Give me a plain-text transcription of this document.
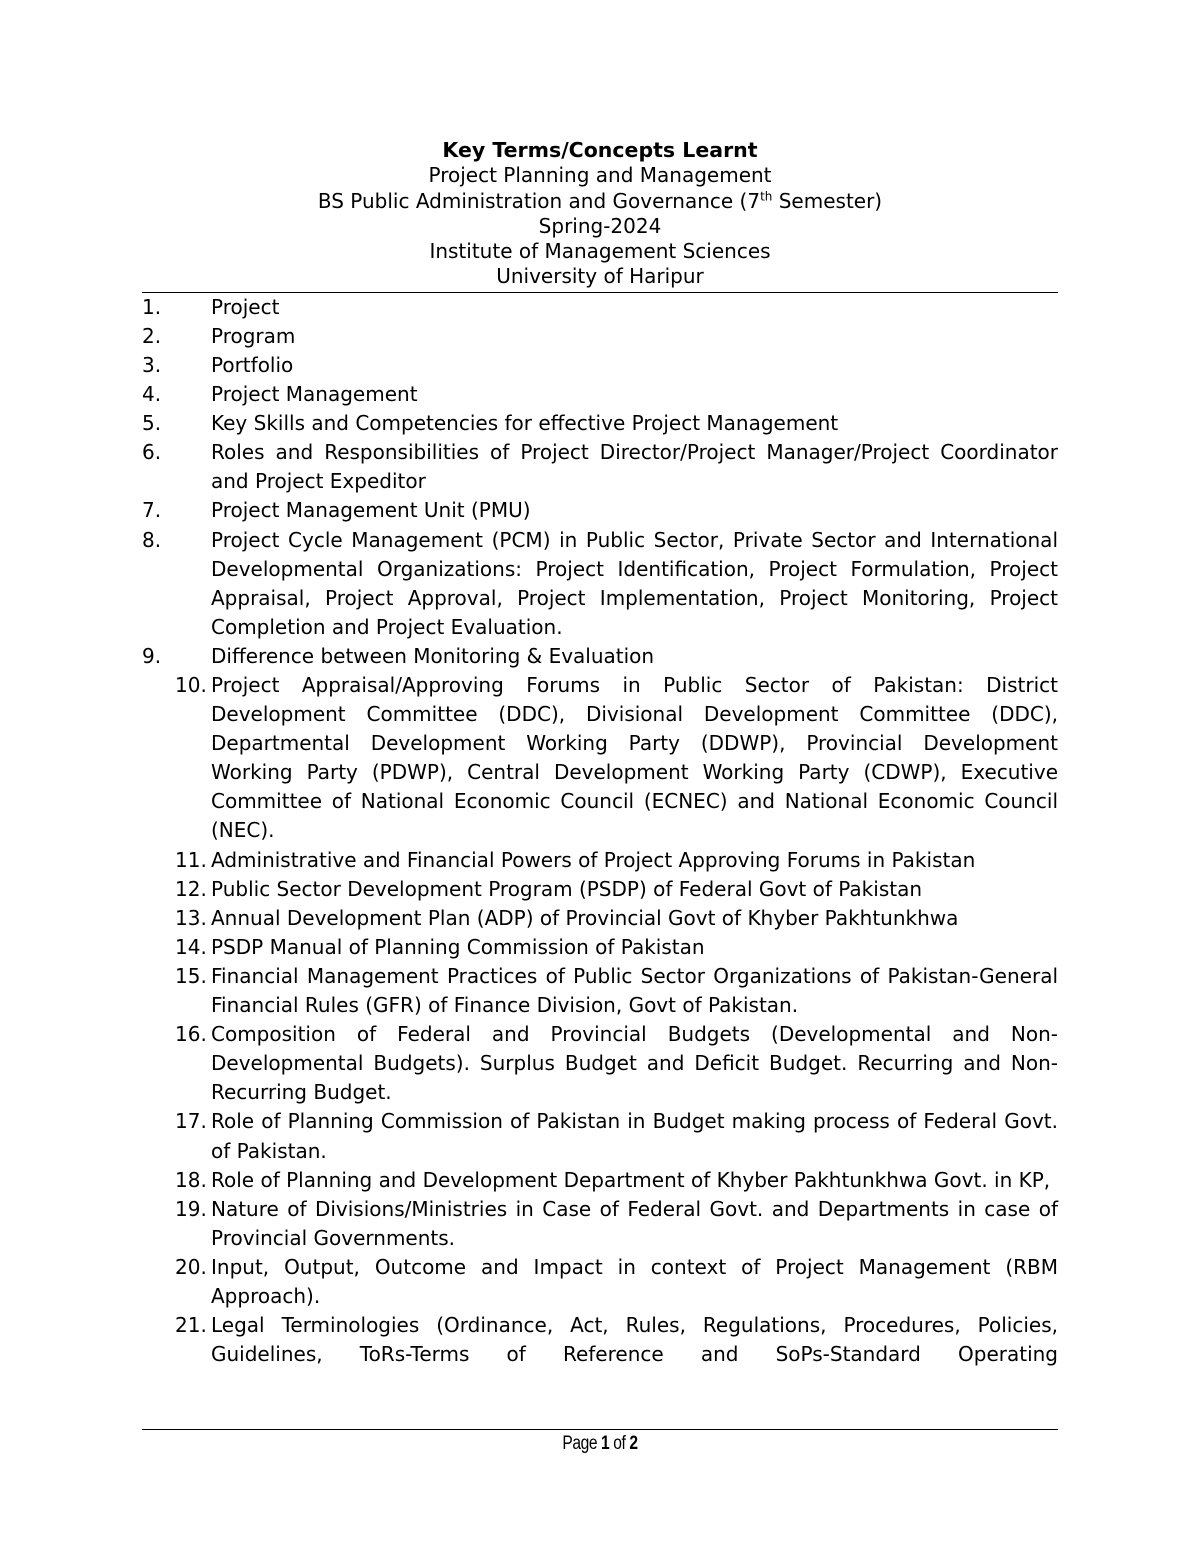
Key Terms/Concepts Learnt
Project Planning and Management
BS Public Administration and Governance (7th Semester)
Spring-2024
Institute of Management Sciences
University of Haripur
1.	Project
2.	Program
3.	Portfolio
4.	Project Management
5.	Key Skills and Competencies for effective Project Management
6.	Roles and Responsibilities of Project Director/Project Manager/Project Coordinator and Project Expeditor
7.	Project Management Unit (PMU)
8.	Project Cycle Management (PCM) in Public Sector, Private Sector and International Developmental Organizations: Project Identification, Project Formulation, Project Appraisal, Project Approval, Project Implementation, Project Monitoring, Project Completion and Project Evaluation.
9.	Difference between Monitoring & Evaluation
10. Project Appraisal/Approving Forums in Public Sector of Pakistan: District Development Committee (DDC), Divisional Development Committee (DDC), Departmental Development Working Party (DDWP), Provincial Development Working Party (PDWP), Central Development Working Party (CDWP), Executive Committee of National Economic Council (ECNEC) and National Economic Council (NEC).
11. Administrative and Financial Powers of Project Approving Forums in Pakistan
12. Public Sector Development Program (PSDP) of Federal Govt of Pakistan
13. Annual Development Plan (ADP) of Provincial Govt of Khyber Pakhtunkhwa
14. PSDP Manual of Planning Commission of Pakistan
15. Financial Management Practices of Public Sector Organizations of Pakistan-General Financial Rules (GFR) of Finance Division, Govt of Pakistan.
16. Composition of Federal and Provincial Budgets (Developmental and Non-Developmental Budgets). Surplus Budget and Deficit Budget. Recurring and Non-Recurring Budget.
17. Role of Planning Commission of Pakistan in Budget making process of Federal Govt. of Pakistan.
18. Role of Planning and Development Department of Khyber Pakhtunkhwa Govt. in KP,
19. Nature of Divisions/Ministries in Case of Federal Govt. and Departments in case of Provincial Governments.
20. Input, Output, Outcome and Impact in context of Project Management (RBM Approach).
21. Legal Terminologies (Ordinance, Act, Rules, Regulations, Procedures, Policies, Guidelines, ToRs-Terms of Reference and SoPs-Standard Operating
Page 1 of 2
